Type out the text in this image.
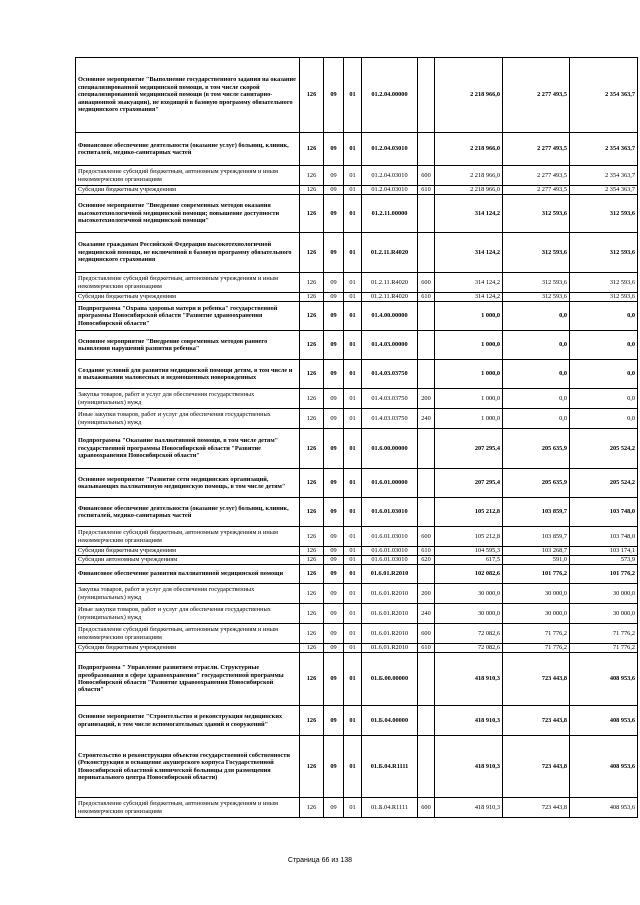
Основное мероприятие "Выполнение государственного задания на оказание специализированной медицинской помощи, в том числе скорой специализированной медицинской помощи (в том числе санитарно-авиационной эвакуации), не входящей в базовую программу обязательного медицинского страхования"	126	09	01	01.2.04.00000		2 218 966,0	2 277 493,5	2 354 363,7
Финансовое обеспечение деятельности (оказание услуг) больниц, клиник, госпиталей, медико-санитарных частей	126	09	01	01.2.04.03010		2 218 966,0	2 277 493,5	2 354 363,7
Предоставление субсидий бюджетным, автономным учреждениям и иным некоммерческим организациям	126	09	01	01.2.04.03010	600	2 218 966,0	2 277 493,5	2 354 363,7
Субсидии бюджетным учреждениям	126	09	01	01.2.04.03010	610	2 218 966,0	2 277 493,5	2 354 363,7
Основное мероприятие "Внедрение современных методов оказания высокотехнологичной медицинской помощи; повышение доступности высокотехнологичной медицинской помощи"	126	09	01	01.2.11.00000		314 124,2	312 593,6	312 593,6
Оказание гражданам Российской Федерации высокотехнологичной медицинской помощи, не включенной в базовую программу обязательного медицинского страхования	126	09	01	01.2.11.R4020		314 124,2	312 593,6	312 593,6
Предоставление субсидий бюджетным, автономным учреждениям и иным некоммерческим организациям	126	09	01	01.2.11.R4020	600	314 124,2	312 593,6	312 593,6
Субсидии бюджетным учреждениям	126	09	01	01.2.11.R4020	610	314 124,2	312 593,6	312 593,6
Подпрограмма "Охрана здоровья матери и ребенка" государственной программы Новосибирской области "Развитие здравоохранения Новосибирской области"	126	09	01	01.4.00.00000		1 000,0	0,0	0,0
Основное мероприятие "Внедрение современных методов раннего выявления нарушений развития ребенка"	126	09	01	01.4.03.00000		1 000,0	0,0	0,0
Создание условий для развития медицинской помощи детям, в том числе и в выхаживании маловесных и недоношенных новорожденных	126	09	01	01.4.03.03750		1 000,0	0,0	0,0
Закупка товаров, работ и услуг для обеспечения государственных (муниципальных) нужд	126	09	01	01.4.03.03750	200	1 000,0	0,0	0,0
Иные закупки товаров, работ и услуг для обеспечения государственных (муниципальных) нужд	126	09	01	01.4.03.03750	240	1 000,0	0,0	0,0
Подпрограмма "Оказание паллиативной помощи, в том числе детям" государственной программы Новосибирской области "Развитие здравоохранения Новосибирской области"	126	09	01	01.6.00.00000		207 295,4	205 635,9	205 524,2
Основное мероприятие "Развитие сети медицинских организаций, оказывающих паллиативную медицинскую помощь, в том числе детям"	126	09	01	01.6.01.00000		207 295,4	205 635,9	205 524,2
Финансовое обеспечение деятельности (оказание услуг) больниц, клиник, госпиталей, медико-санитарных частей	126	09	01	01.6.01.03010		105 212,8	103 859,7	103 748,0
Предоставление субсидий бюджетным, автономным учреждениям и иным некоммерческим организациям	126	09	01	01.6.01.03010	600	105 212,8	103 859,7	103 748,0
Субсидии бюджетным учреждениям	126	09	01	01.6.01.03010	610	104 595,3	103 268,7	103 174,1
Субсидии автономным учреждениям	126	09	01	01.6.01.03010	620	617,5	591,0	573,9
Финансовое обеспечение развития паллиативной медицинской помощи	126	09	01	01.6.01.R2010		102 082,6	101 776,2	101 776,2
Закупка товаров, работ и услуг для обеспечения государственных (муниципальных) нужд	126	09	01	01.6.01.R2010	200	30 000,0	30 000,0	30 000,0
Иные закупки товаров, работ и услуг для обеспечения государственных (муниципальных) нужд	126	09	01	01.6.01.R2010	240	30 000,0	30 000,0	30 000,0
Предоставление субсидий бюджетным, автономным учреждениям и иным некоммерческим организациям	126	09	01	01.6.01.R2010	600	72 082,6	71 776,2	71 776,2
Субсидии бюджетным учреждениям	126	09	01	01.6.01.R2010	610	72 082,6	71 776,2	71 776,2
Подпрограмма " Управление развитием отрасли. Структурные преобразования в сфере здравоохранения" государственной программы Новосибирской области "Развитие здравоохранения Новосибирской области"	126	09	01	01.Б.00.00000		418 910,3	723 443,8	408 953,6
Основное мероприятие "Строительство и реконструкция медицинских организаций, в том числе вспомогательных зданий и сооружений"	126	09	01	01.Б.04.00000		418 910,3	723 443,8	408 953,6
Строительство и реконструкция объектов государственной собственности (Реконструкция и оснащение акушерского корпуса Государственной Новосибирской областной клинической больницы для размещения перинатального центра Новосибирской области)	126	09	01	01.Б.04.R1111		418 910,3	723 443,8	408 953,6
Предоставление субсидий бюджетным, автономным учреждениям и иным некоммерческим организациям	126	09	01	01.Б.04.R1111	600	418 910,3	723 443,8	408 953,6
Страница 66 из 138
